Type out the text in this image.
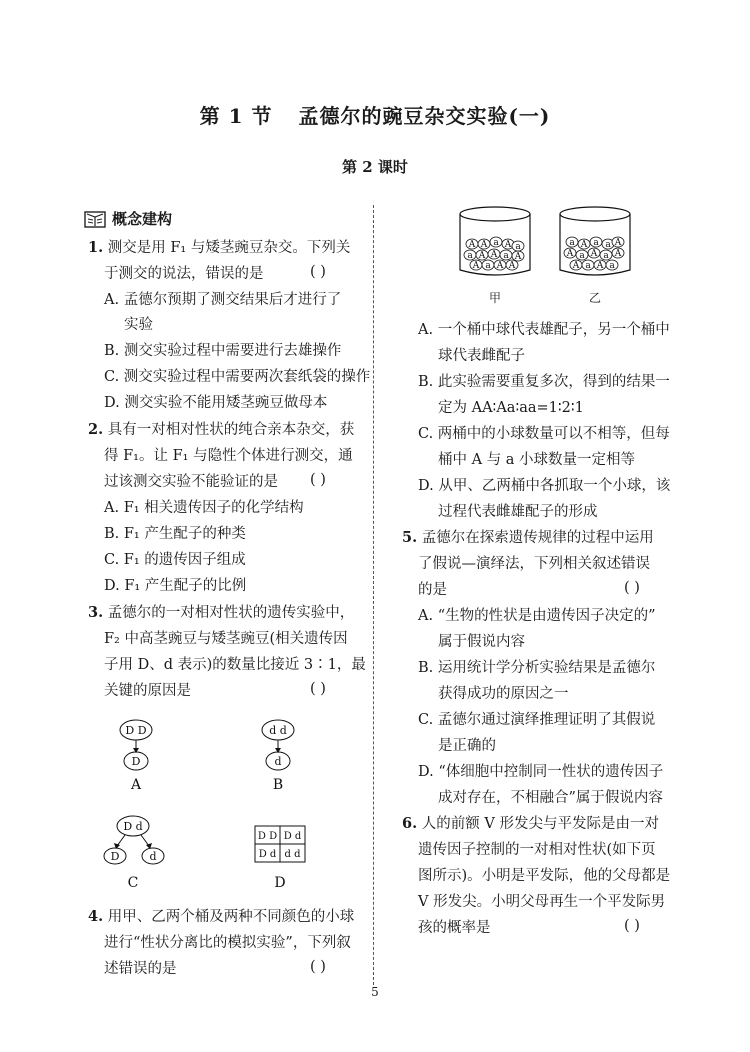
第 1 节 孟德尔的豌豆杂交实验(一)
第 2 课时
概念建构
1. 测交是用 F₁ 与矮茎豌豆杂交。下列关
于测交的说法，错误的是	( )
A. 孟德尔预期了测交结果后才进行了
实验
B. 测交实验过程中需要进行去雄操作
C. 测交实验过程中需要两次套纸袋的操作
D. 测交实验不能用矮茎豌豆做母本
2. 具有一对相对性状的纯合亲本杂交，获
得 F₁。让 F₁ 与隐性个体进行测交，通
过该测交实验不能验证的是 ( )
A. F₁ 相关遗传因子的化学结构
B. F₁ 产生配子的种类
C. F₁ 的遗传因子组成
D. F₁ 产生配子的比例
3. 孟德尔的一对相对性状的遗传实验中，
F₂ 中高茎豌豆与矮茎豌豆(相关遗传因
子用 D、d 表示)的数量比接近 3∶1，最
关键的原因是	( )
D D
D
d d
d
D d
D	d
D D D d
D d d d
A	B
C	D
4. 用甲、乙两个桶及两种不同颜色的小球
进行“性状分离比的模拟实验”，下列叙
述错误的是	( )
A A a A a
a A A a A
A a A A
a A a a A
A a A a A
A a A a
甲	乙
A. 一个桶中球代表雄配子，另一个桶中
球代表雌配子
B. 此实验需要重复多次，得到的结果一
定为 AA∶Aa∶aa=1∶2∶1
C. 两桶中的小球数量可以不相等，但每
桶中 A 与 a 小球数量一定相等
D. 从甲、乙两桶中各抓取一个小球，该
过程代表雌雄配子的形成
5. 孟德尔在探索遗传规律的过程中运用
了假说—演绎法，下列相关叙述错误
的是	( )
A. “生物的性状是由遗传因子决定的”
属于假说内容
B. 运用统计学分析实验结果是孟德尔
获得成功的原因之一
C. 孟德尔通过演绎推理证明了其假说
是正确的
D. “体细胞中控制同一性状的遗传因子
成对存在，不相融合”属于假说内容
6. 人的前额 V 形发尖与平发际是由一对
遗传因子控制的一对相对性状(如下页
图所示)。小明是平发际，他的父母都是
V 形发尖。小明父母再生一个平发际男
孩的概率是	( )
5
